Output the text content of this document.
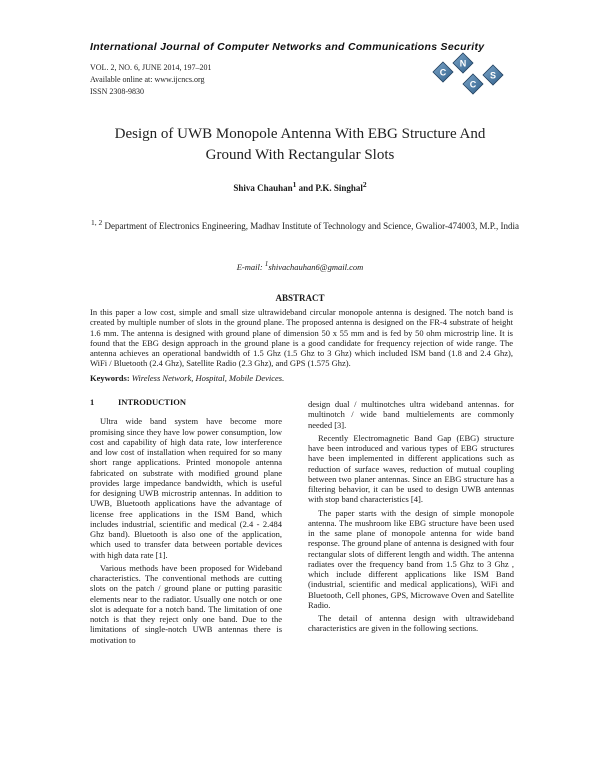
International Journal of Computer Networks and Communications Security
VOL. 2, NO. 6, JUNE 2014, 197–201
Available online at: www.ijcncs.org
ISSN 2308-9830
C
N
C
S
Design of UWB Monopole Antenna With EBG Structure And
Ground With Rectangular Slots
Shiva Chauhan$^1$ and P.K. Singhal$^2$
$^{1, 2}$ Department of Electronics Engineering, Madhav Institute of Technology and Science, Gwalior-474003, M.P., India
E-mail: $^1$shivachauhan6@gmail.com
ABSTRACT
In this paper a low cost, simple and small size ultrawideband circular monopole antenna is designed. The notch band is created by multiple number of slots in the ground plane. The proposed antenna is designed on the FR-4 substrate of height 1.6 mm. The antenna is designed with ground plane of dimension 50 x 55 mm and is fed by 50 ohm microstrip line. It is found that the EBG design approach in the ground plane is a good candidate for frequency rejection of wide range. The antenna achieves an operational bandwidth of 1.5 Ghz (1.5 Ghz to 3 Ghz) which included ISM band (1.8 and 2.4 Ghz), WiFi / Bluetooth (2.4 Ghz), Satellite Radio (2.3 Ghz), and GPS (1.575 Ghz).
Keywords: Wireless Network, Hospital, Mobile Devices.
1	INTRODUCTION

Ultra wide band system have become more promising since they have low power consumption, low cost and capability of high data rate, low interference and low cost of installation when required for so many short range applications. Printed monopole antenna fabricated on substrate with modified ground plane provides large impedance bandwidth, which is useful for designing UWB microstrip antennas. In addition to UWB, Bluetooth applications have the advantage of license free applications in the ISM Band, which includes industrial, scientific and medical (2.4 - 2.484 Ghz band). Bluetooth is also one of the application, which used to transfer data between portable devices with high data rate [1].

Various methods have been proposed for Wideband characteristics. The conventional methods are cutting slots on the patch / ground plane or putting parasitic elements near to the radiator. Usually one notch or one slot is adequate for a notch band. The limitation of one notch is that they reject only one band. Due to the limitations of single-notch UWB antennas there is motivation to

design dual / multinotches ultra wideband antennas. for multinotch / wide band multielements are commonly needed [3].

Recently Electromagnetic Band Gap (EBG) structure have been introduced and various types of EBG structures have been implemented in different applications such as reduction of surface waves, reduction of mutual coupling between two planer antennas. Since an EBG structure has a filtering behavior, it can be used to design UWB antennas with stop band characteristics [4].

The paper starts with the design of simple monopole antenna. The mushroom like EBG structure have been used in the same plane of monopole antenna for wide band response. The ground plane of antenna is designed with four rectangular slots of different length and width. The antenna radiates over the frequency band from 1.5 Ghz to 3 Ghz , which include different applications like ISM Band (industrial, scientific and medical applications), WiFi and Bluetooth, Cell phones, GPS, Microwave Oven and Satellite Radio.

The detail of antenna design with ultrawideband characteristics are given in the following sections.
